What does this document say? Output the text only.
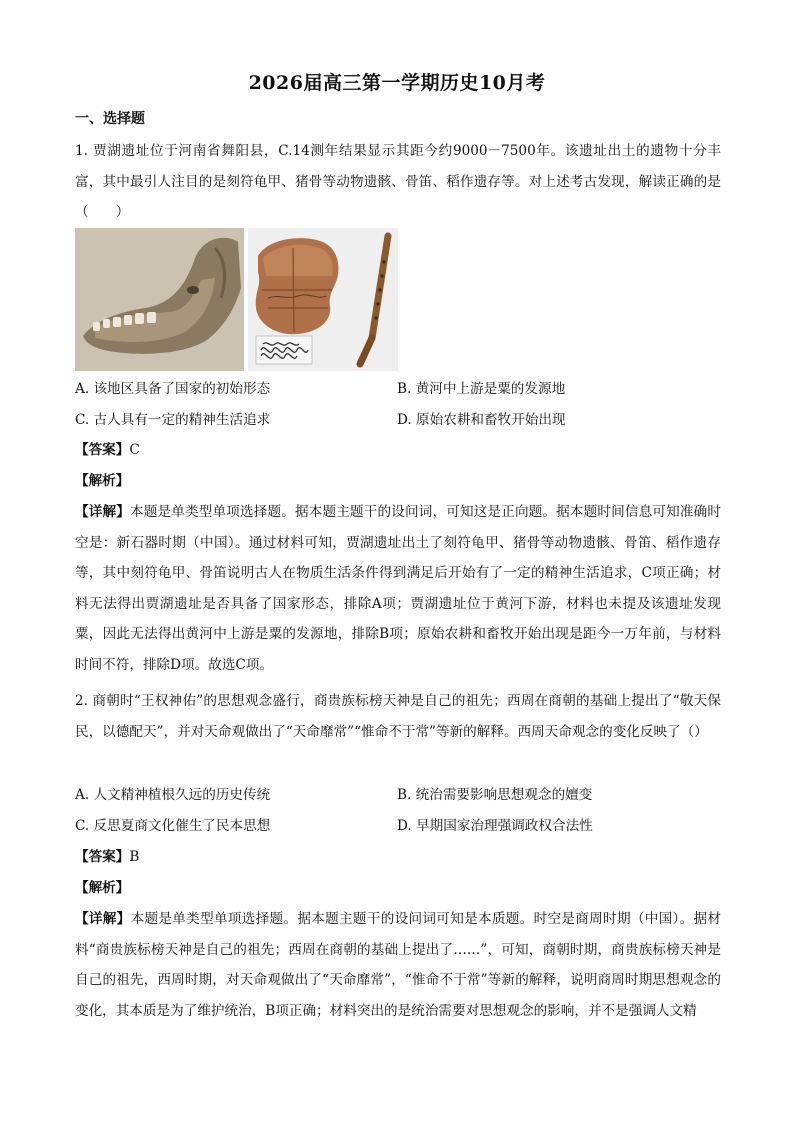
2026届高三第一学期历史10月考
一、选择题
1. 贾湖遗址位于河南省舞阳县，C.14测年结果显示其距今约9000－7500年。该遗址出土的遗物十分丰富，其中最引人注目的是刻符龟甲、猪骨等动物遗骸、骨笛、稻作遗存等。对上述考古发现，解读正确的是（　　）
A. 该地区具备了国家的初始形态	B. 黄河中上游是粟的发源地
C. 古人具有一定的精神生活追求	D. 原始农耕和畜牧开始出现
【答案】C
【解析】
【详解】本题是单类型单项选择题。据本题主题干的设问词，可知这是正向题。据本题时间信息可知准确时空是：新石器时期（中国）。通过材料可知，贾湖遗址出土了刻符龟甲、猪骨等动物遗骸、骨笛、稻作遗存等，其中刻符龟甲、骨笛说明古人在物质生活条件得到满足后开始有了一定的精神生活追求，C项正确；材料无法得出贾湖遗址是否具备了国家形态，排除A项；贾湖遗址位于黄河下游，材料也未提及该遗址发现粟，因此无法得出黄河中上游是粟的发源地，排除B项；原始农耕和畜牧开始出现是距今一万年前，与材料时间不符，排除D项。故选C项。
2. 商朝时“王权神佑”的思想观念盛行，商贵族标榜天神是自己的祖先；西周在商朝的基础上提出了“敬天保民，以德配天”，并对天命观做出了“天命靡常”“惟命不于常”等新的解释。西周天命观念的变化反映了（）
A. 人文精神植根久远的历史传统	B. 统治需要影响思想观念的嬗变
C. 反思夏商文化催生了民本思想	D. 早期国家治理强调政权合法性
【答案】B
【解析】
【详解】本题是单类型单项选择题。据本题主题干的设问词可知是本质题。时空是商周时期（中国）。据材料“商贵族标榜天神是自己的祖先；西周在商朝的基础上提出了……”，可知，商朝时期，商贵族标榜天神是自己的祖先，西周时期，对天命观做出了“天命靡常”，“惟命不于常”等新的解释，说明商周时期思想观念的变化，其本质是为了维护统治，B项正确；材料突出的是统治需要对思想观念的影响，并不是强调人文精
